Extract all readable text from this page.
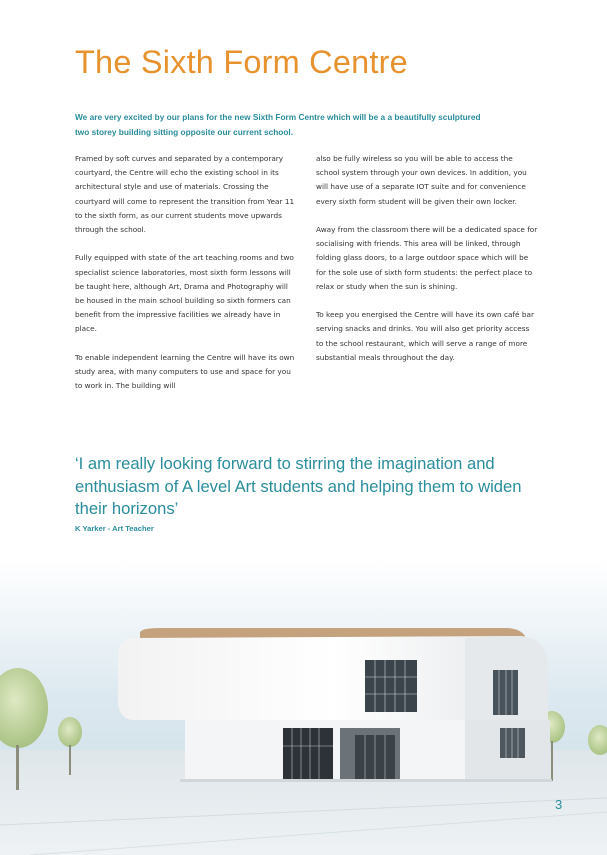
The Sixth Form Centre

We are very excited by our plans for the new Sixth Form Centre which will be a a beautifully sculptured two storey building sitting opposite our current school.

Framed by soft curves and separated by a contemporary courtyard, the Centre will echo the existing school in its architectural style and use of materials. Crossing the courtyard will come to represent the transition from Year 11 to the sixth form, as our current students move upwards through the school.

Fully equipped with state of the art teaching rooms and two specialist science laboratories, most sixth form lessons will be taught here, although Art, Drama and Photography will be housed in the main school building so sixth formers can benefit from the impressive facilities we already have in place.

To enable independent learning the Centre will have its own study area, with many computers to use and space for you to work in. The building will

also be fully wireless so you will be able to access the school system through your own devices. In addition, you will have use of a separate IOT suite and for convenience every sixth form student will be given their own locker.

Away from the classroom there will be a dedicated space for socialising with friends. This area will be linked, through folding glass doors, to a large outdoor space which will be for the sole use of sixth form students: the perfect place to relax or study when the sun is shining.

To keep you energised the Centre will have its own café bar serving snacks and drinks. You will also get priority access to the school restaurant, which will serve a range of more substantial meals throughout the day.

‘I am really looking forward to stirring the imagination and enthusiasm of A level Art students and helping them to widen their horizons’

K Yarker - Art Teacher

3
